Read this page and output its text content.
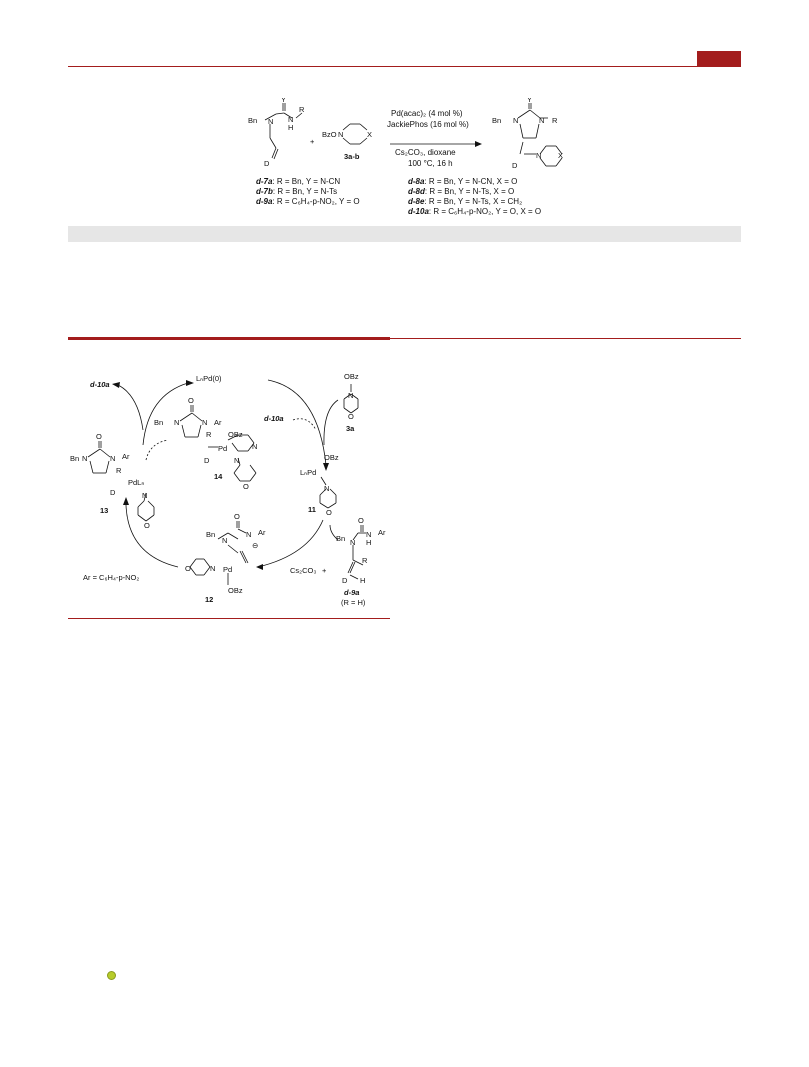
Y
R
Bn N N
H
D
+
BzO N	X
3a-b
Y
Bn N	N R
N X
D
Pd(acac)₂ (4 mol %)
JackiePhos (16 mol %)
Cs₂CO₃, dioxane
100 °C, 16 h
d-7a: R = Bn, Y = N-CN
d-7b: R = Bn, Y = N-Ts
d-9a: R = C₆H₄-p-NO₂, Y = O
d-8a: R = Bn, Y = N-CN, X = O
d-8d: R = Bn, Y = N-Ts, X = O
d-8e: R = Bn, Y = N-Ts, X = CH₂
d-10a: R = C₆H₄-p-NO₂, Y = O, X = O
LₙPd(0)
d-10a
d-10a
OBz
N
O
3a
O
Bn N	N Ar
R OBz
Pd
N
N
D
O
14
OBz
LₙPd
N
O
11
O
Bn N	N Ar
R
PdLₙ
D	N
O
13
O
Bn
N
N Ar
⊖
O	N Pd
OBz
12
Ar = C₆H₄-p-NO₂
Cs₂CO₃ +
Bn N
O
N
H
Ar
R
D H
d-9a
(R = H)
